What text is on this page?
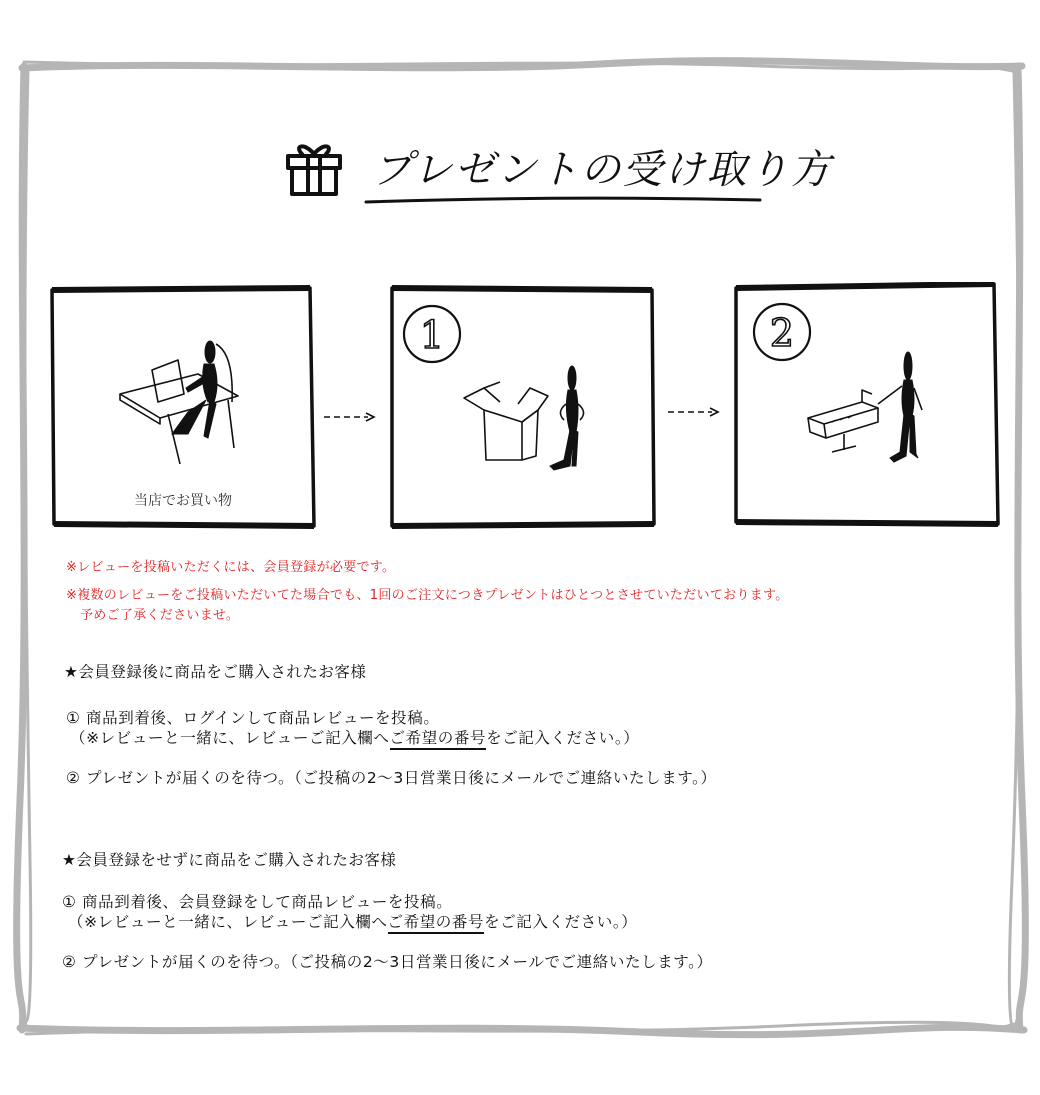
プレゼントの受け取り方
当店でお買い物
1	2
※レビューを投稿いただくには、会員登録が必要です。
※複数のレビューをご投稿いただいてた場合でも、1回のご注文につきプレゼントはひとつとさせていただいております。
予めご了承くださいませ。
★会員登録後に商品をご購入されたお客様
① 商品到着後、ログインして商品レビューを投稿。
（※レビューと一緒に、レビューご記入欄へご希望の番号をご記入ください。）
② プレゼントが届くのを待つ。（ご投稿の2〜3日営業日後にメールでご連絡いたします。）
★会員登録をせずに商品をご購入されたお客様
① 商品到着後、会員登録をして商品レビューを投稿。
（※レビューと一緒に、レビューご記入欄へご希望の番号をご記入ください。）
② プレゼントが届くのを待つ。（ご投稿の2〜3日営業日後にメールでご連絡いたします。）
